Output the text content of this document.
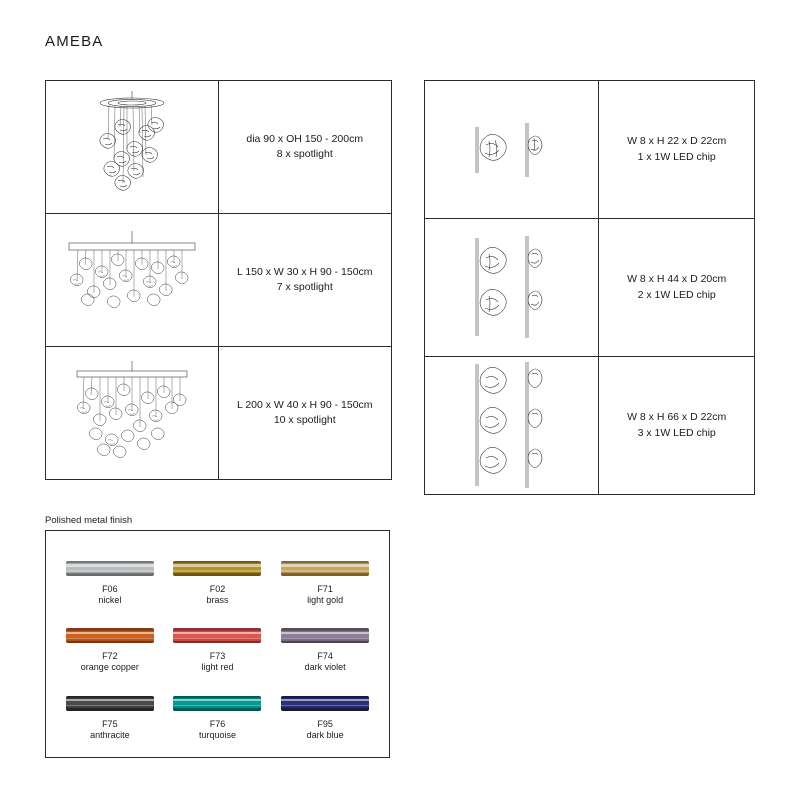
AMEBA
dia 90 x OH 150 - 200cm
8 x spotlight
L 150 x W 30 x H 90 - 150cm
7 x spotlight
L 200 x W 40 x H 90 - 150cm
10 x spotlight
W 8 x H 22 x D 22cm
1 x 1W LED chip
W 8 x H 44 x D 20cm
2 x 1W LED chip
W 8 x H 66 x D 22cm
3 x 1W LED chip
Polished metal finish
F06
nickel
F02
brass
F71
light gold
F72
orange copper
F73
light red
F74
dark violet
F75
anthracite
F76
turquoise
F95
dark blue
